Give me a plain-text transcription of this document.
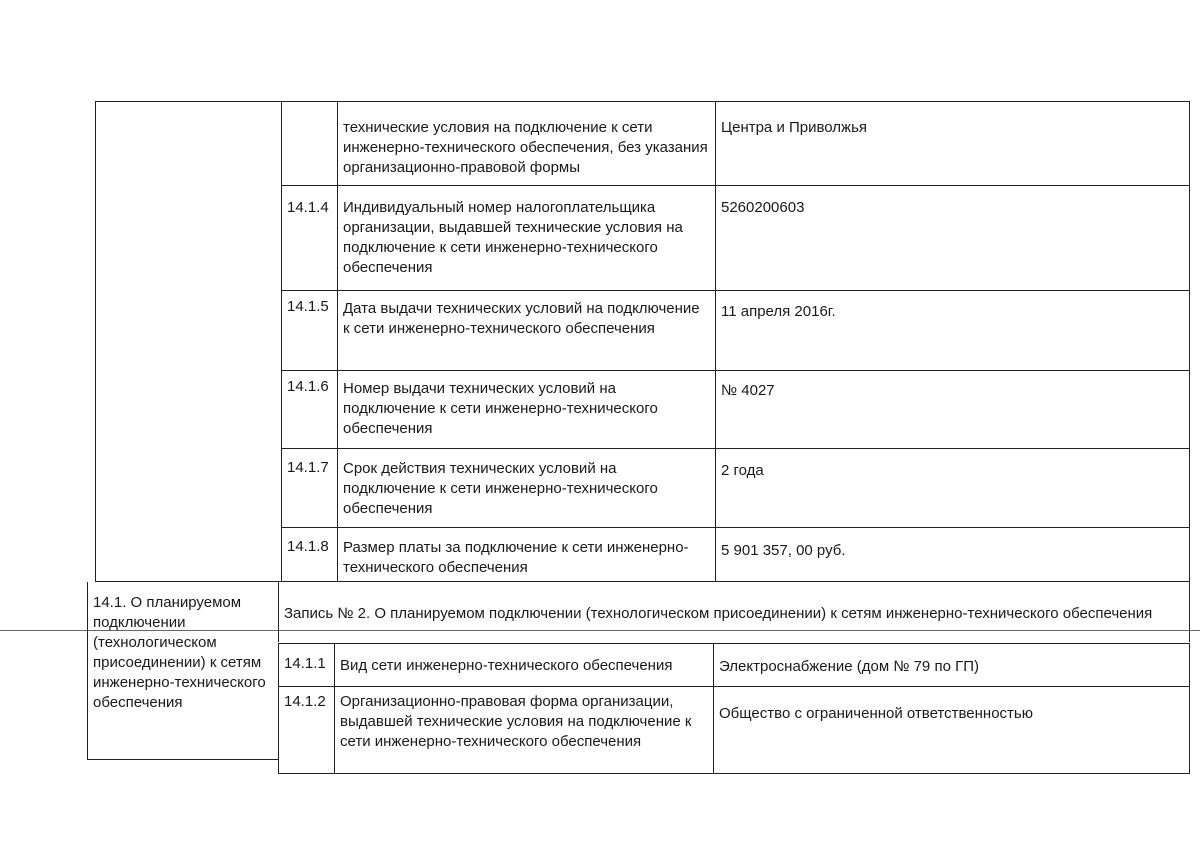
технические условия на подключение к сети инженерно-технического обеспечения, без указания организационно-правовой формы
Центра и Приволжья
14.1.4 Индивидуальный номер налогоплательщика организации, выдавшей технические условия на подключение к сети инженерно-технического обеспечения
5260200603
14.1.5 Дата выдачи технических условий на подключение к сети инженерно-технического обеспечения
11 апреля 2016г.
14.1.6 Номер выдачи технических условий на подключение к сети инженерно-технического обеспечения
№ 4027
14.1.7 Срок действия технических условий на подключение к сети инженерно-технического обеспечения
2 года
14.1.8 Размер платы за подключение к сети инженерно-технического обеспечения
5 901 357, 00 руб.
14.1. О планируемом подключении (технологическом присоединении) к сетям инженерно-технического обеспечения
Запись № 2. О планируемом подключении (технологическом присоединении) к сетям инженерно-технического обеспечения
14.1.1 Вид сети инженерно-технического обеспечения	Электроснабжение (дом № 79 по ГП)
14.1.2 Организационно-правовая форма организации, выдавшей технические условия на подключение к сети инженерно-технического обеспечения
Общество с ограниченной ответственностью
